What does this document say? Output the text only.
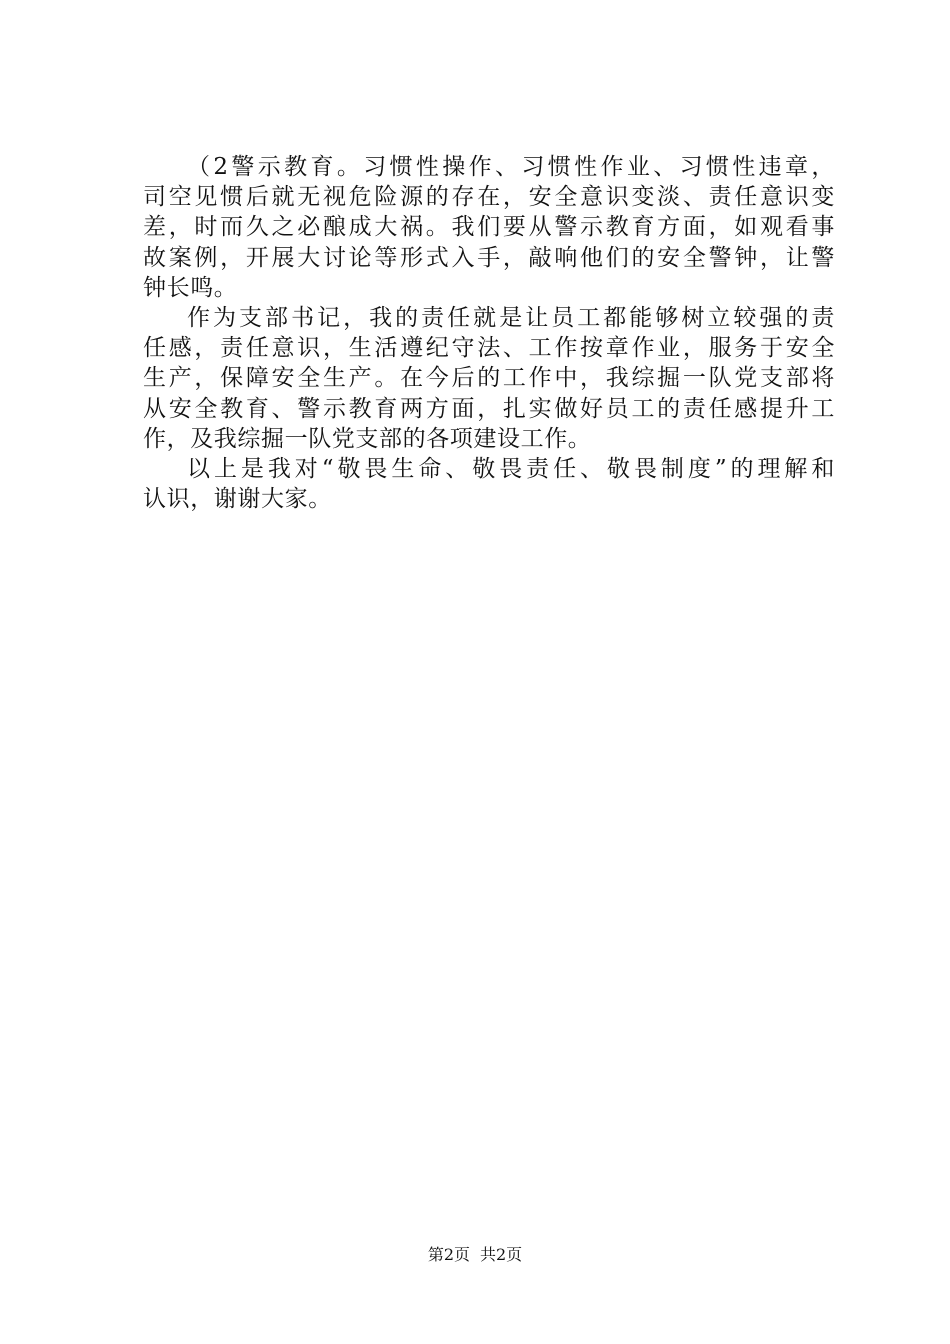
（2警示教育。习惯性操作、习惯性作业、习惯性违章，
司空见惯后就无视危险源的存在，安全意识变淡、责任意识变
差，时而久之必酿成大祸。我们要从警示教育方面，如观看事
故案例，开展大讨论等形式入手，敲响他们的安全警钟，让警
钟长鸣。
作为支部书记，我的责任就是让员工都能够树立较强的责
任感，责任意识，生活遵纪守法、工作按章作业，服务于安全
生产，保障安全生产。在今后的工作中，我综掘一队党支部将
从安全教育、警示教育两方面，扎实做好员工的责任感提升工
作，及我综掘一队党支部的各项建设工作。
以上是我对“敬畏生命、敬畏责任、敬畏制度”的理解和
认识，谢谢大家。
第2页 共2页
